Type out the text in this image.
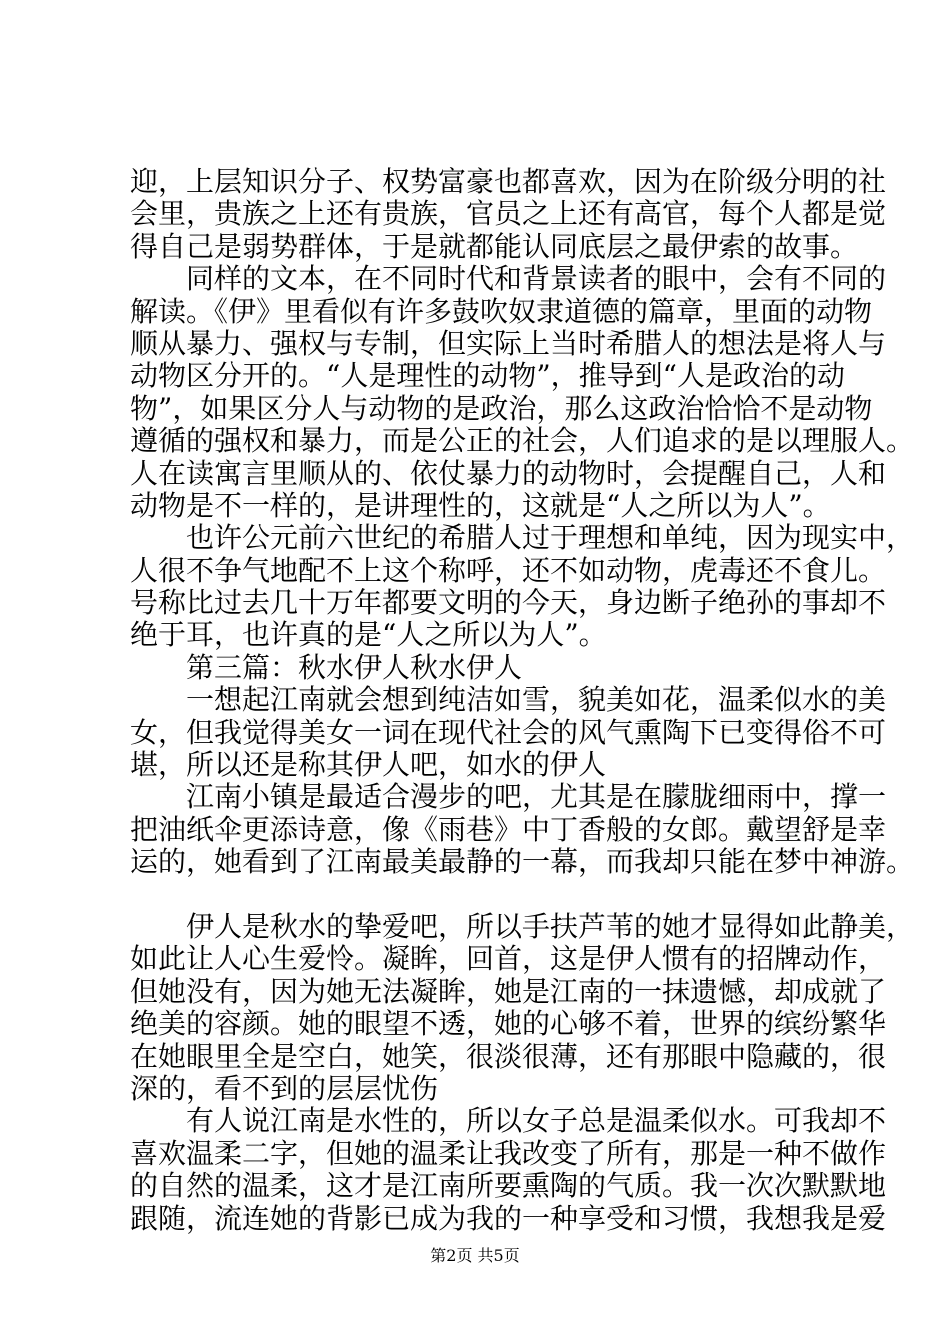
迎，上层知识分子、权势富豪也都喜欢，因为在阶级分明的社
会里，贵族之上还有贵族，官员之上还有高官，每个人都是觉
得自己是弱势群体，于是就都能认同底层之最伊索的故事。
同样的文本，在不同时代和背景读者的眼中，会有不同的
解读。《伊》里看似有许多鼓吹奴隶道德的篇章，里面的动物
顺从暴力、强权与专制，但实际上当时希腊人的想法是将人与
动物区分开的。“人是理性的动物”，推导到“人是政治的动
物”，如果区分人与动物的是政治，那么这政治恰恰不是动物
遵循的强权和暴力，而是公正的社会，人们追求的是以理服人。
人在读寓言里顺从的、依仗暴力的动物时，会提醒自己，人和
动物是不一样的，是讲理性的，这就是“人之所以为人”。
也许公元前六世纪的希腊人过于理想和单纯，因为现实中，
人很不争气地配不上这个称呼，还不如动物，虎毒还不食儿。
号称比过去几十万年都要文明的今天，身边断子绝孙的事却不
绝于耳，也许真的是“人之所以为人”。
第三篇：秋水伊人秋水伊人
一想起江南就会想到纯洁如雪，貌美如花，温柔似水的美
女，但我觉得美女一词在现代社会的风气熏陶下已变得俗不可
堪，所以还是称其伊人吧，如水的伊人
江南小镇是最适合漫步的吧，尤其是在朦胧细雨中，撑一
把油纸伞更添诗意，像《雨巷》中丁香般的女郎。戴望舒是幸
运的，她看到了江南最美最静的一幕，而我却只能在梦中神游。
伊人是秋水的挚爱吧，所以手扶芦苇的她才显得如此静美，
如此让人心生爱怜。凝眸，回首，这是伊人惯有的招牌动作，
但她没有，因为她无法凝眸，她是江南的一抹遗憾，却成就了
绝美的容颜。她的眼望不透，她的心够不着，世界的缤纷繁华
在她眼里全是空白，她笑，很淡很薄，还有那眼中隐藏的，很
深的，看不到的层层忧伤
有人说江南是水性的，所以女子总是温柔似水。可我却不
喜欢温柔二字，但她的温柔让我改变了所有，那是一种不做作
的自然的温柔，这才是江南所要熏陶的气质。我一次次默默地
跟随，流连她的背影已成为我的一种享受和习惯，我想我是爱
第2页 共5页
